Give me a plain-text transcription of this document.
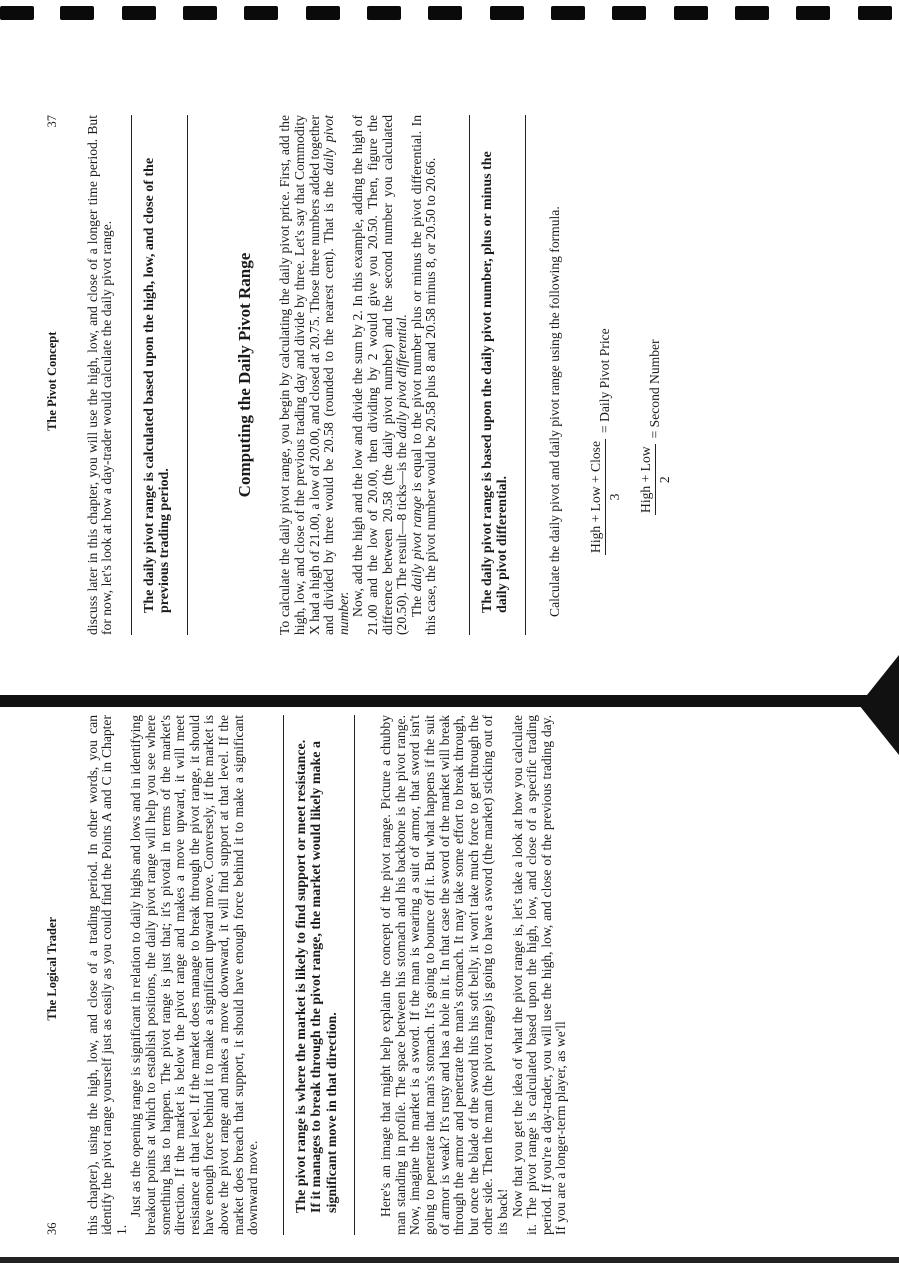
37
The Pivot Concept discuss later in this chapter, you will use the high, low, and close of a longer time period. But for now, let's look at how a day-trader would calculate the daily pivot range.	The daily pivot range is calculated based upon the high, low, and close of the previous trading period.
Computing the Daily Pivot Range To calculate the daily pivot range, you begin by calculating the daily pivot price. First, add the high, low, and close of the previous trading day and divide by three. Let's say that Commodity X had a high of 21.00, a low of 20.00, and closed at 20.75. Those three numbers added together and divided by three would be 20.58 (rounded to the nearest cent). That is the daily pivot number. Now, add the high and the low and divide the sum by 2. In this example, adding the high of 21.00 and the low of 20.00, then dividing by 2 would give you 20.50. Then, figure the difference between 20.58 (the daily pivot number) and the second number you calculated (20.50). The result—8 ticks—is the daily pivot differential.

The daily pivot range is equal to the pivot number plus or minus the pivot differential. In this case, the pivot number would be 20.58 plus 8 and 20.58 minus 8, or 20.50 to 20.66.	The daily pivot range is based upon the daily pivot number, plus or minus the daily pivot differential.	Calculate the daily pivot and daily pivot range using the following formula. High + Low + Close 3
= Daily Pivot Price
High + Low 2
= Second Number
36
The Logical Trader this chapter), using the high, low, and close of a trading period. In other words, you can identify the pivot range yourself just as easily as you could find the Points A and C in Chapter 1.

Just as the opening range is significant in relation to daily highs and lows and in identifying breakout points at which to establish positions, the daily pivot range will help you see where something has to happen. The pivot range is just that; it's pivotal in terms of the market's direction. If the market is below the pivot range and makes a move upward, it will meet resistance at that level. If the market does manage to break through the pivot range, it should have enough force behind it to make a significant upward move. Conversely, if the market is above the pivot range and makes a move downward, it will find support at that level. If the market does breach that support, it should have enough force behind it to make a significant downward move.	The pivot range is where the market is likely to find support or meet resistance. If it manages to break through the pivot range, the market would likely make a significant move in that direction.	Here's an image that might help explain the concept of the pivot range. Picture a chubby man standing in profile. The space between his stomach and his backbone is the pivot range. Now, imagine the market is a sword. If the man is wearing a suit of armor, that sword isn't going to penetrate that man's stomach. It's going to bounce off it. But what happens if the suit of armor is weak? It's rusty and has a hole in it. In that case the sword of the market will break through the armor and penetrate the man's stomach. It may take some effort to break through, but once the blade of the sword hits his soft belly, it won't take much force to get through the other side. Then the man (the pivot range) is going to have a sword (the market) sticking out of its back! Now that you get the idea of what the pivot range is, let's take a look at how you calculate it. The pivot range is calculated based upon the high, low, and close of a specific trading period. If you're a day-trader, you will use the high, low, and close of the previous trading day. If you are a longer-term player, as we'll
